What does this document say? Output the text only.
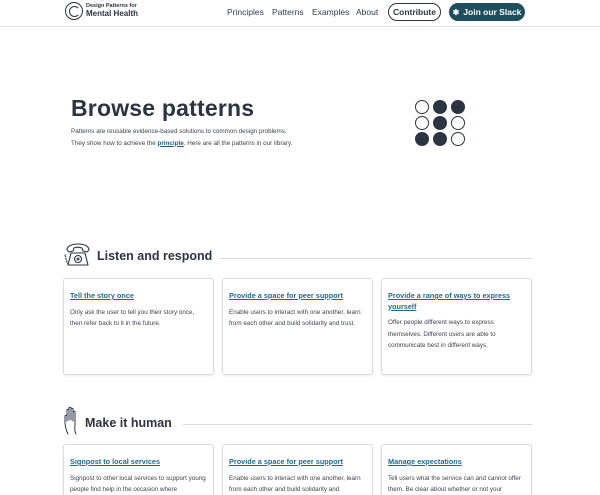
Design Patterns for
Mental Health	Principles Patterns Examples About	Contribute	✱ Join our Slack
Browse patterns

Patterns are reusable evidence-based solutions to common design problems. They show how to achieve the principle. Here are all the patterns in our library.

Listen and respond
Tell the story once
Only ask the user to tell you their story once, then refer back to it in the future.
Provide a space for peer support
Enable users to interact with one another, learn from each other and build solidarity and trust.
Provide a range of ways to express yourself
Offer people different ways to express themselves. Different users are able to communicate best in different ways.
Make it human
Signpost to local services
Signpost to other local services to support young people find help in the occasion where
Provide a space for peer support
Enable users to interact with one another, learn from each other and build solidarity and
Manage expectations
Tell users what the service can and cannot offer them. Be clear about whether or not your
